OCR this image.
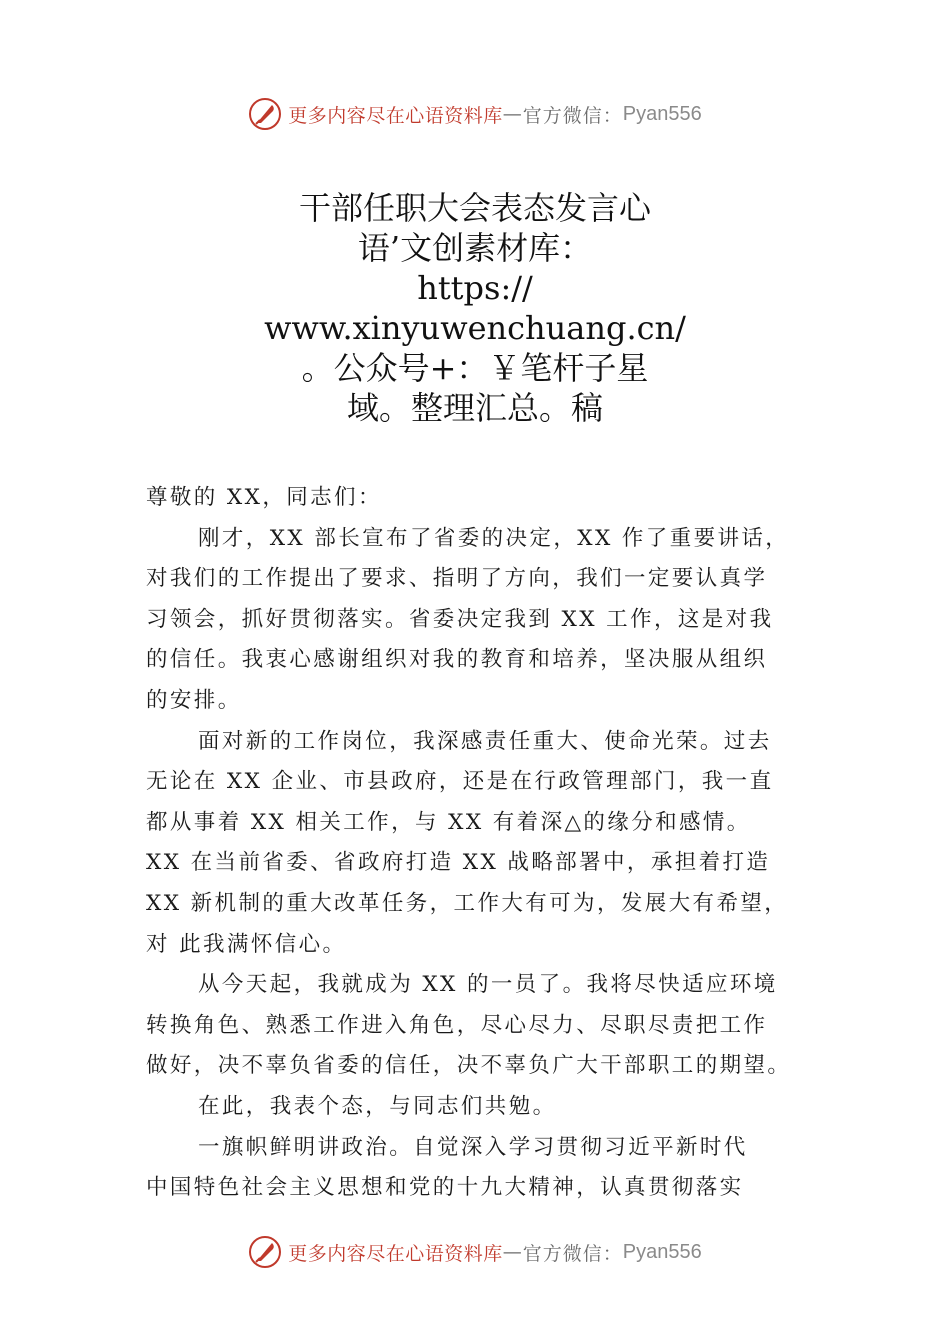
更多内容尽在心语资料库 — 官方微信： Pyan556
干部任职大会表态发言心
语’文创素材库：
https://
www.xinyuwenchuang.cn/
。公众号+：￥笔杆子星
域。整理汇总。稿
尊敬的 XX，同志们：
刚才，XX 部长宣布了省委的决定，XX 作了重要讲话，
对我们的工作提出了要求、指明了方向，我们一定要认真学
习领会，抓好贯彻落实。省委决定我到 XX 工作，这是对我
的信任。我衷心感谢组织对我的教育和培养，坚决服从组织
的安排。
面对新的工作岗位，我深感责任重大、使命光荣。过去
无论在 XX 企业、市县政府，还是在行政管理部门，我一直
都从事着 XX 相关工作，与 XX 有着深△的缘分和感情。
XX 在当前省委、省政府打造 XX 战略部署中，承担着打造
XX 新机制的重大改革任务，工作大有可为，发展大有希望，
对 此我满怀信心。
从今天起，我就成为 XX 的一员了。我将尽快适应环境
转换角色、熟悉工作进入角色，尽心尽力、尽职尽责把工作
做好，决不辜负省委的信任，决不辜负广大干部职工的期望。
在此，我表个态，与同志们共勉。
一旗帜鲜明讲政治。自觉深入学习贯彻习近平新时代
中国特色社会主义思想和党的十九大精神，认真贯彻落实
更多内容尽在心语资料库 — 官方微信： Pyan556
